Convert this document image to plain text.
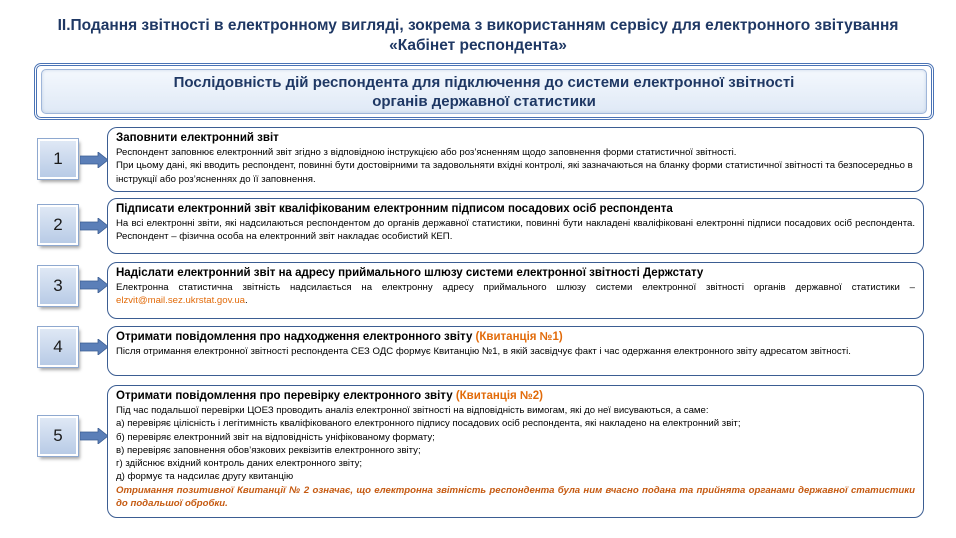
II.Подання звітності в електронному вигляді, зокрема з використанням сервісу для електронного звітування
«Кабінет респондента»
Послідовність дій респондента для підключення до системи електронної звітності
органів державної статистики
1
Заповнити електронний звіт
Респондент заповнює електронний звіт згідно з відповідною інструкцією або роз’ясненням щодо заповнення форми статистичної звітності.
При цьому дані, які вводить респондент, повинні бути достовірними та задовольняти вхідні контролі, які зазначаються на бланку форми статистичної звітності та безпосередньо в інструкції або роз’ясненнях до її заповнення.
2
Підписати електронний звіт кваліфікованим електронним підписом посадових осіб респондента
На всі електронні звіти, які надсилаються респондентом до органів державної статистики, повинні бути накладені кваліфіковані електронні підписи посадових осіб респондента. Респондент – фізична особа на електронний звіт накладає особистий КЕП.
3
Надіслати електронний звіт на адресу приймального шлюзу системи електронної звітності Держстату
Електронна статистична звітність надсилається на електронну адресу приймального шлюзу системи електронної звітності органів державної статистики – elzvit@mail.sez.ukrstat.gov.ua.
4	Отримати повідомлення про надходження електронного звіту (Квитанція №1)
Після отримання електронної звітності респондента СЕЗ ОДС формує Квитанцію №1, в якій засвідчує факт і час одержання електронного звіту адресатом звітності.
5
Отримати повідомлення про перевірку електронного звіту (Квитанція №2)
Під час подальшої перевірки ЦОЕЗ проводить аналіз електронної звітності на відповідність вимогам, які до неї висуваються, а саме:
а) перевіряє цілісність і легітимність кваліфікованого електронного підпису посадових осіб респондента, які накладено на електронний звіт;
б) перевіряє електронний звіт на відповідність уніфікованому формату;
в) перевіряє заповнення обов’язкових реквізитів електронного звіту;
г) здійснює вхідний контроль даних електронного звіту;
д) формує та надсилає другу квитанцію
Отримання позитивної Квитанції № 2 означає, що електронна звітність респондента була ним вчасно подана та прийнята органами державної статистики до подальшої обробки.
